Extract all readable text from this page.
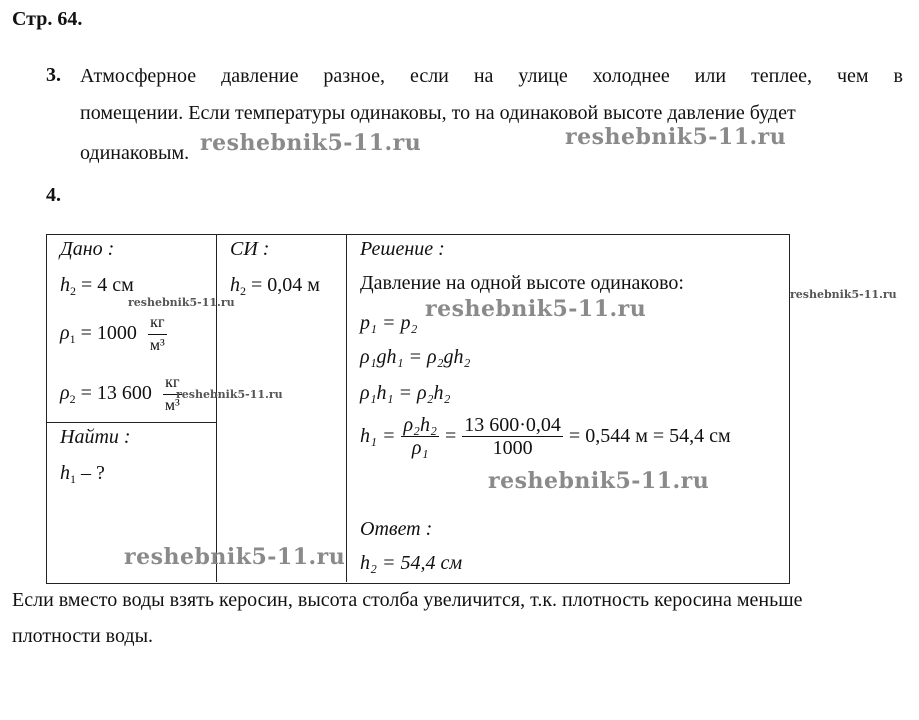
Стр. 64.
3. Атмосферное давление разное, если на улице холоднее или теплее, чем в
помещении. Если температуры одинаковы, то на одинаковой высоте давление будет
одинаковым.
4.
Дано :
$h_2 = 4$ см
$\rho_1 = 1000 \frac{кг}{\text{м³}}$
$\rho_2 = 13$ $600 \frac{кг}{\text{м³}}$
Найти :
$h_1$ – ?
СИ :
$h_2 = 0,04$ м
Решение :
Давление на одной высоте одинаково:
p₁ = p₂
ρ₁gh₁ = ρ₂gh₂
ρ₁h₁ = ρ₂h₂
$h_1 = \frac{\text{ρ₂h₂}}{\text{ρ₁}} = \frac{13 600\cdot 0,04}{1000} = 0,544$ м = 54,4 см
Ответ :
h₂ = 54,4 см
Если вместо воды взять керосин, высота столба увеличится, т.к. плотность керосина меньше
плотности воды.
reshebnik5-11.ru	reshebnik5-11.ru
reshebnik5-11.ru
reshebnik5-11.ru
reshebnik5-11.ru
reshebnik5-11.ru
reshebnik5-11.ru
reshebnik5-11.ru
